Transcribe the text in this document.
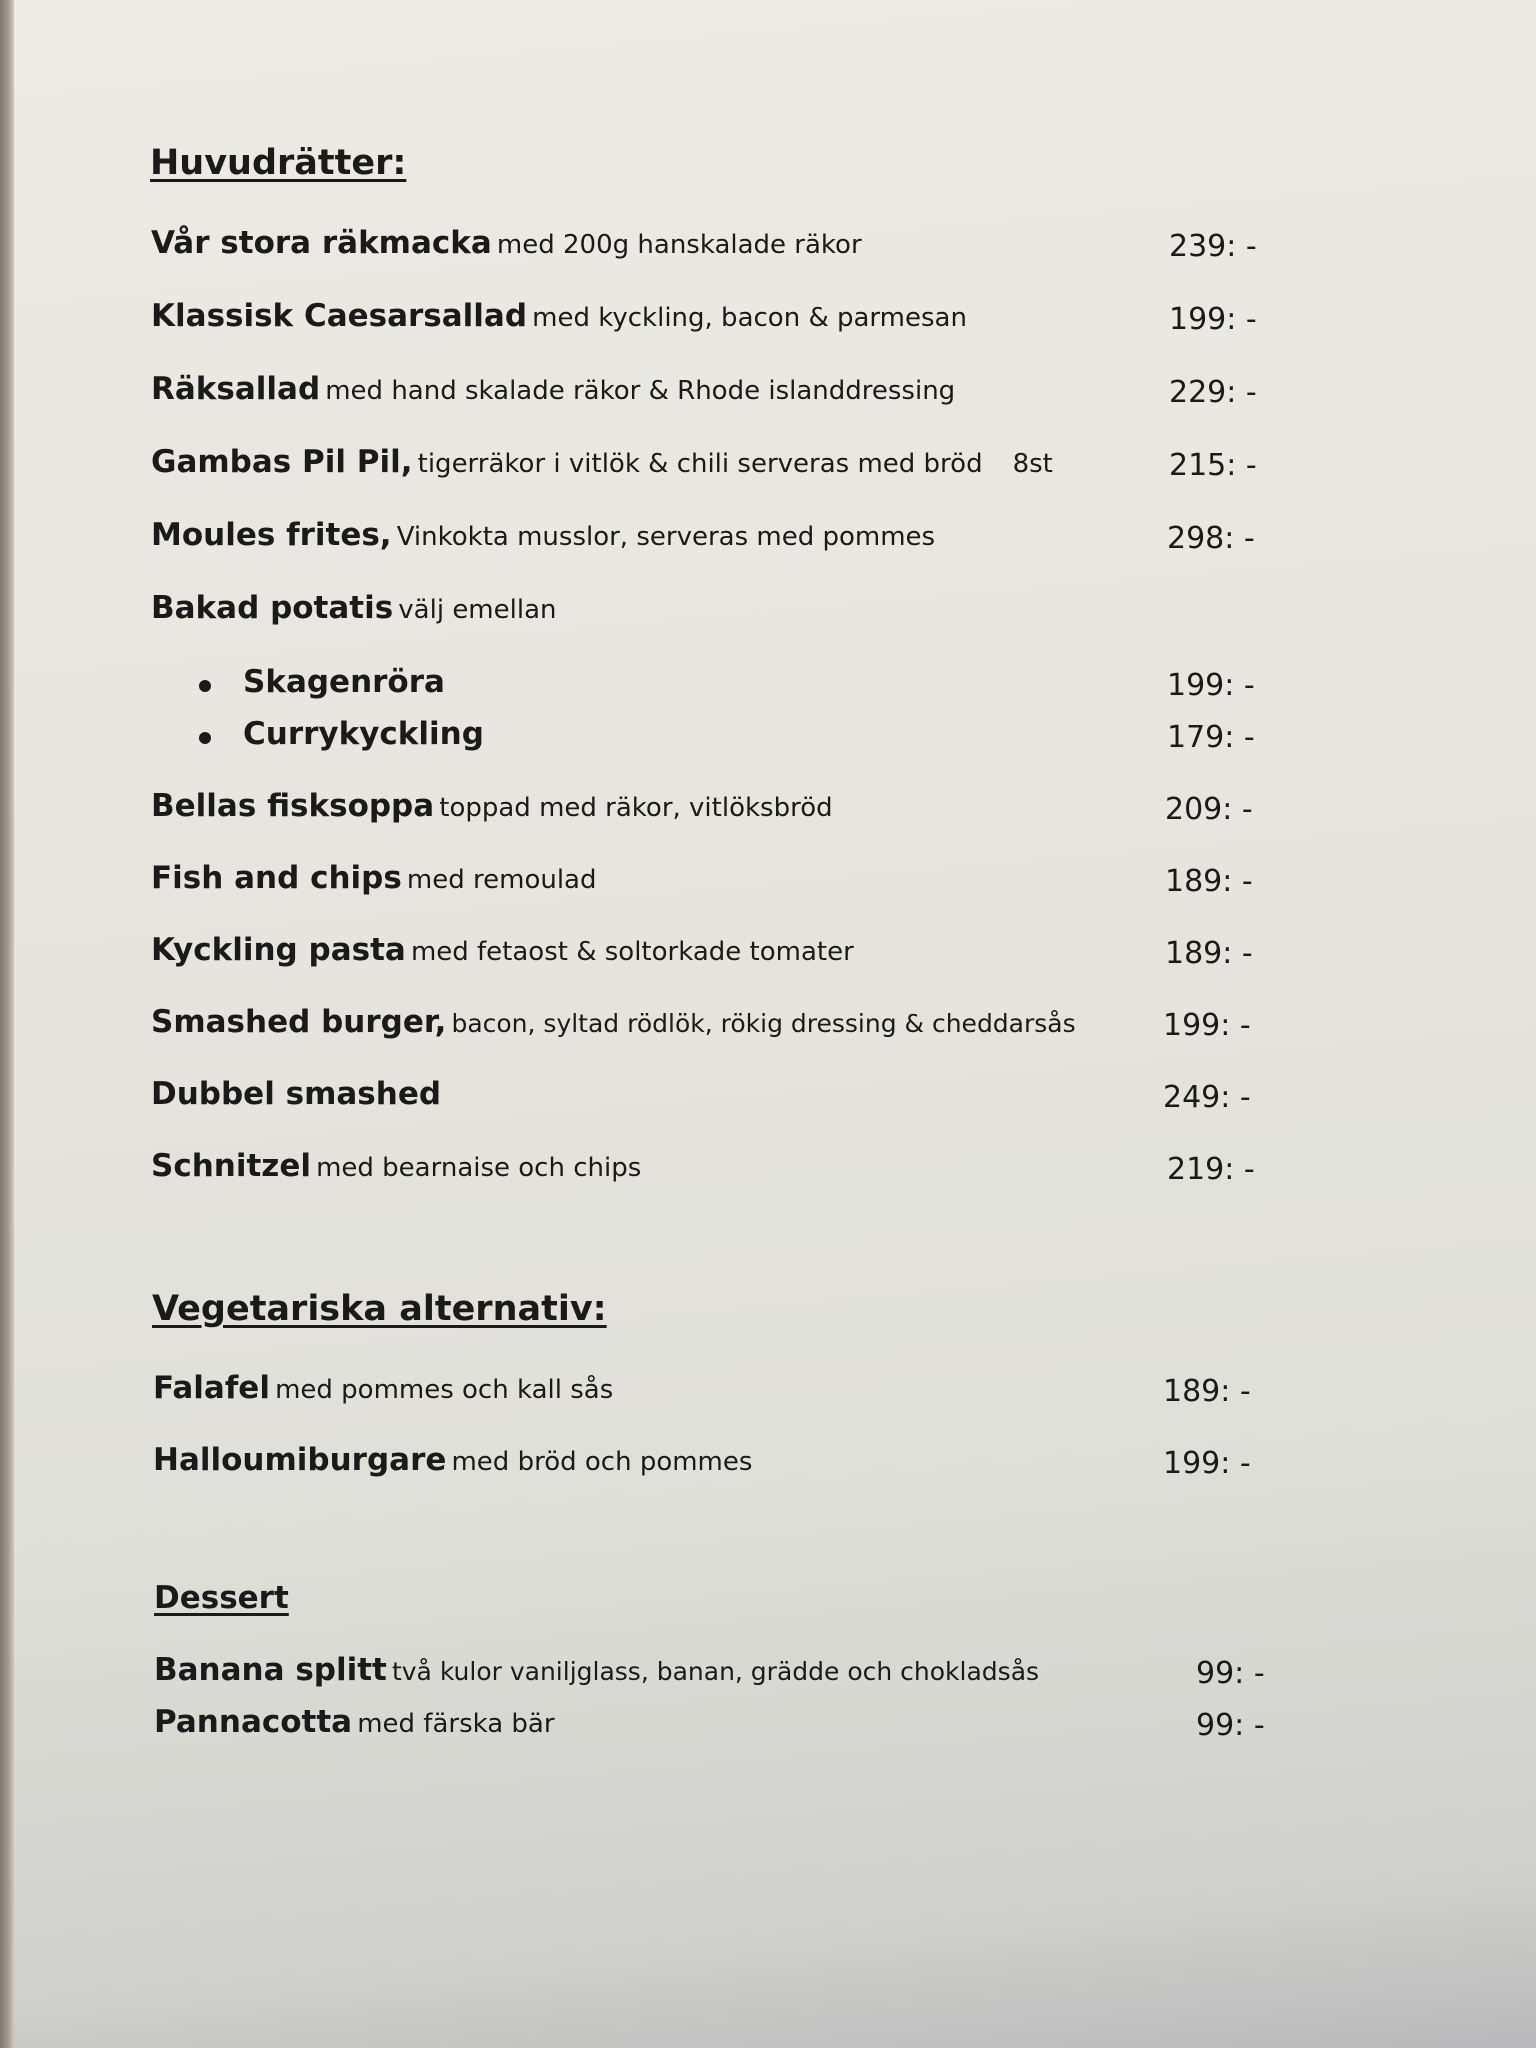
Huvudrätter:
Vår stora räkmacka med 200g hanskalade räkor	239: -
Klassisk Caesarsallad med kyckling, bacon & parmesan	199: -
Räksallad med hand skalade räkor & Rhode islanddressing	229: -
Gambas Pil Pil, tigerräkor i vitlök & chili serveras med bröd 8st	215: -
Moules frites, Vinkokta musslor, serveras med pommes	298: -
Bakad potatis välj emellan
Skagenröra	199: -
Currykyckling	179: -
Bellas fisksoppa toppad med räkor, vitlöksbröd	209: -
Fish and chips med remoulad	189: -
Kyckling pasta med fetaost & soltorkade tomater	189: -
Smashed burger, bacon, syltad rödlök, rökig dressing & cheddarsås	199: -
Dubbel smashed	249: -
Schnitzel med bearnaise och chips	219: -
Vegetariska alternativ:
Falafel med pommes och kall sås	189: -
Halloumiburgare med bröd och pommes	199: -
Dessert
Banana splitt två kulor vaniljglass, banan, grädde och chokladsås	99: -
Pannacotta med färska bär	99: -
